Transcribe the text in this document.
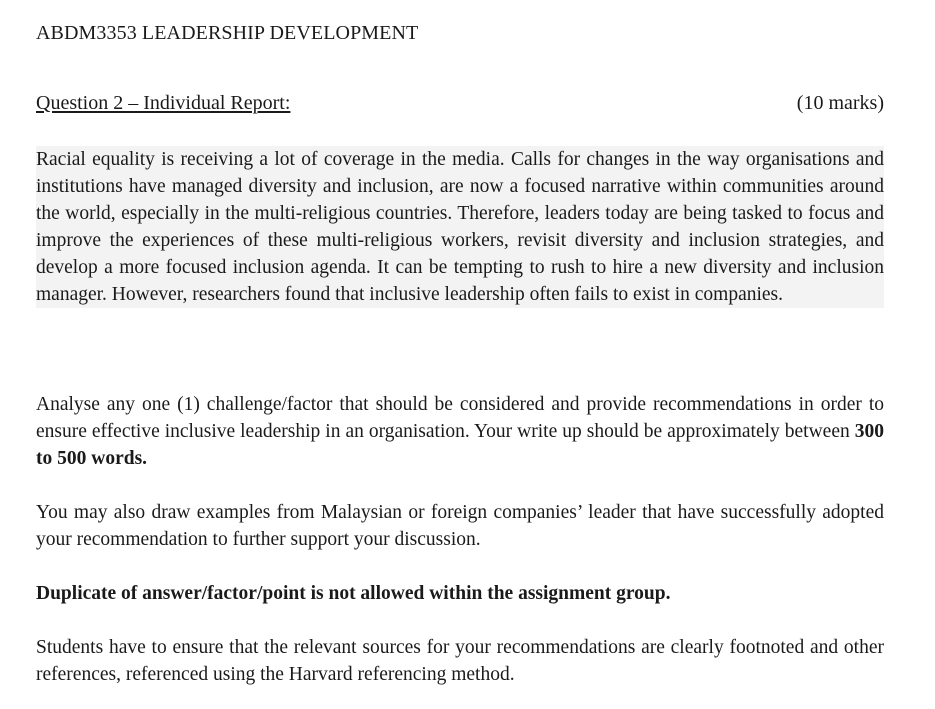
ABDM3353 LEADERSHIP DEVELOPMENT
Question 2 – Individual Report:	(10 marks)
Racial equality is receiving a lot of coverage in the media. Calls for changes in the way organisations and institutions have managed diversity and inclusion, are now a focused narrative within communities around the world, especially in the multi-religious countries. Therefore, leaders today are being tasked to focus and improve the experiences of these multi-religious workers, revisit diversity and inclusion strategies, and develop a more focused inclusion agenda. It can be tempting to rush to hire a new diversity and inclusion manager. However, researchers found that inclusive leadership often fails to exist in companies.
Analyse any one (1) challenge/factor that should be considered and provide recommendations in order to ensure effective inclusive leadership in an organisation. Your write up should be approximately between 300 to 500 words.
You may also draw examples from Malaysian or foreign companies’ leader that have successfully adopted your recommendation to further support your discussion.
Duplicate of answer/factor/point is not allowed within the assignment group.
Students have to ensure that the relevant sources for your recommendations are clearly footnoted and other references, referenced using the Harvard referencing method.
